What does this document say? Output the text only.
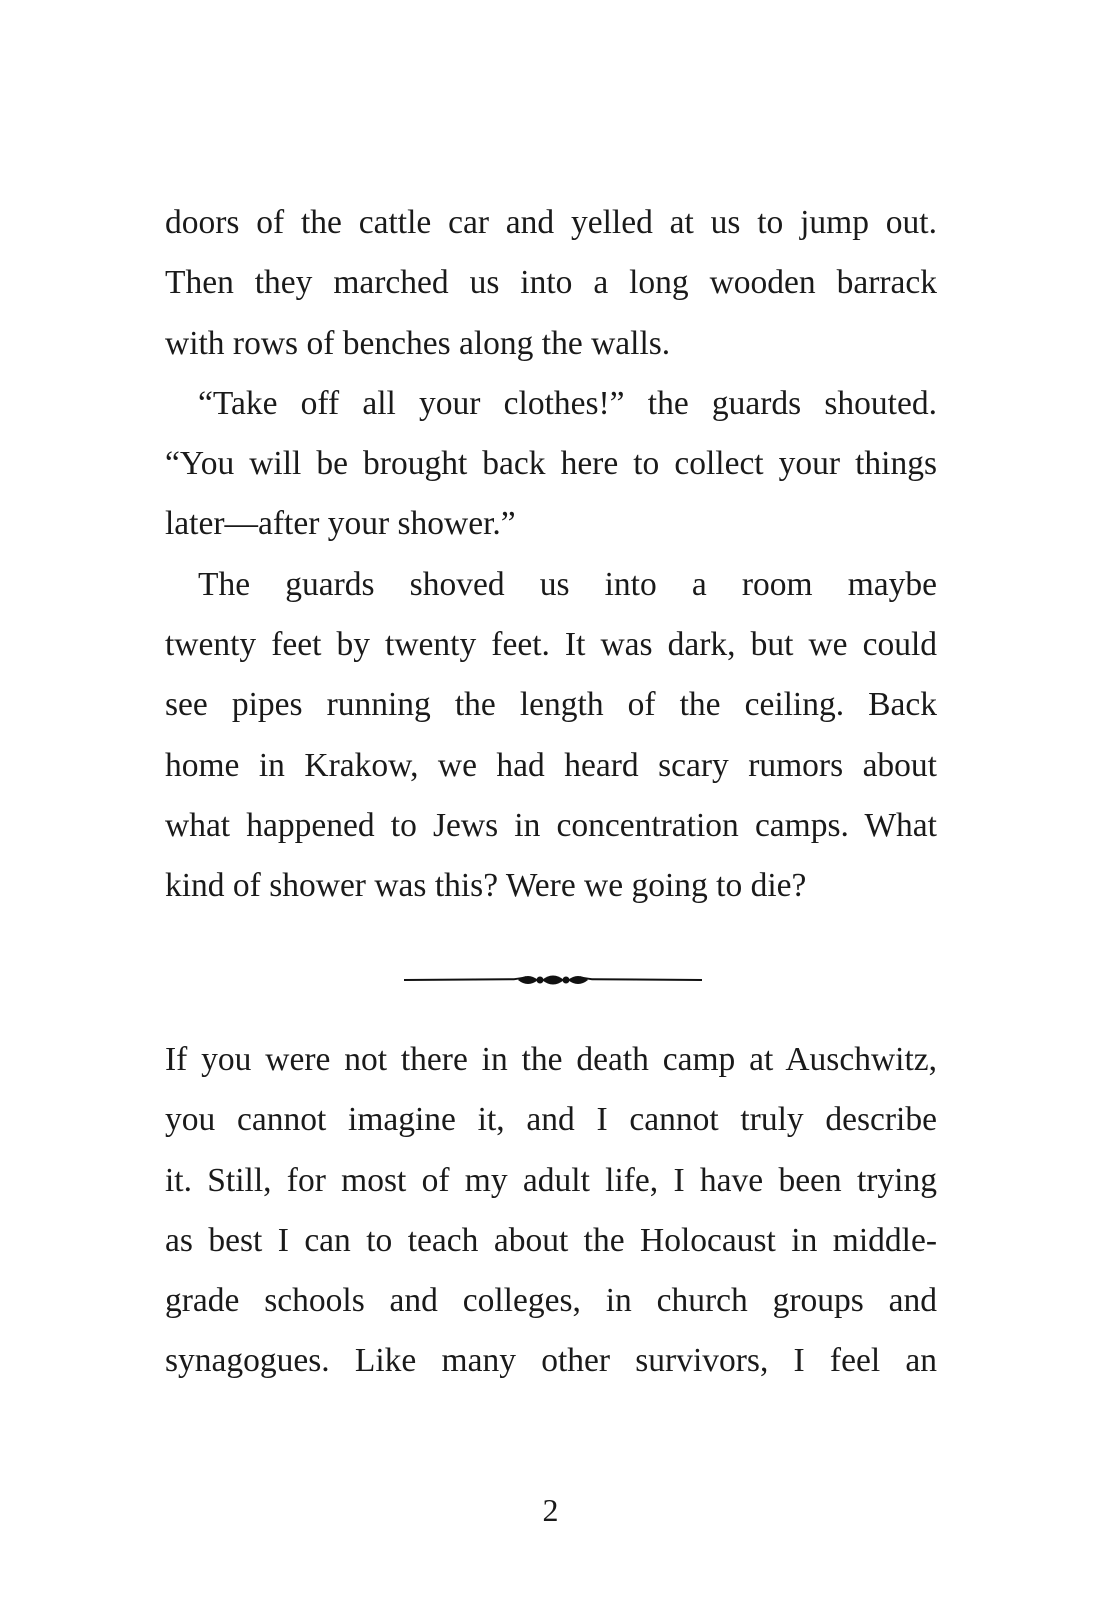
doors of the cattle car and yelled at us to jump out.
Then they marched us into a long wooden barrack
with rows of benches along the walls.
“Take off all your clothes!” the guards shouted.
“You will be brought back here to collect your things
later—after your shower.”
The guards shoved us into a room maybe
twenty feet by twenty feet. It was dark, but we could
see pipes running the length of the ceiling. Back
home in Krakow, we had heard scary rumors about
what happened to Jews in concentration camps. What
kind of shower was this? Were we going to die?
If you were not there in the death camp at Auschwitz,
you cannot imagine it, and I cannot truly describe
it. Still, for most of my adult life, I have been trying
as best I can to teach about the Holocaust in middle-
grade schools and colleges, in church groups and
synagogues. Like many other survivors, I feel an
2
